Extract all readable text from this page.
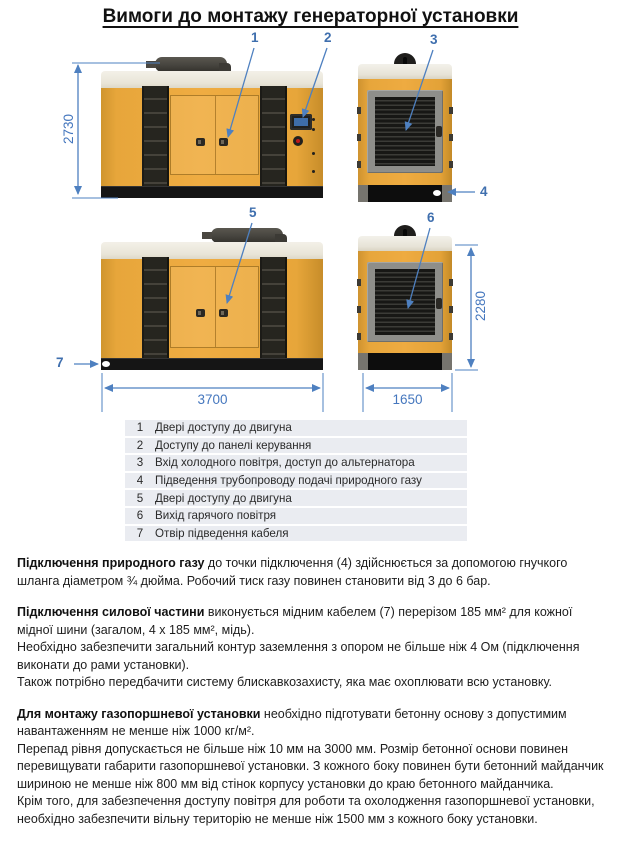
Вимоги до монтажу генераторної установки
1	2	3
4
5	6
7
2730
3700	1650
2280
1	Двері доступу до двигуна
2	Доступу до панелі керування
3	Вхід холодного повітря, доступ до альтернатора
4	Підведення трубопроводу подачі природного газу
5	Двері доступу до двигуна
6	Вихід гарячого повітря
7	Отвір підведення кабеля
Підключення природного газу до точки підключення (4) здійснюється за допомогою гнучкого шланга діаметром ¾ дюйма. Робочий тиск газу повинен становити від 3 до 6 бар.
Підключення силової частини виконується мідним кабелем (7) перерізом 185 мм² для кожної мідної шини (загалом, 4 х 185 мм², мідь).
Необхідно забезпечити загальний контур заземлення з опором не більше ніж 4 Ом (підключення виконати до рами установки).
Також потрібно передбачити систему блискавкозахисту, яка має охоплювати всю установку.
Для монтажу газопоршневої установки необхідно підготувати бетонну основу з допустимим навантаженням не менше ніж 1000 кг/м².
Перепад рівня допускається не більше ніж 10 мм на 3000 мм. Розмір бетонної основи повинен перевищувати габарити газопоршневої установки. З кожного боку повинен бути бетонний майданчик шириною не менше ніж 800 мм від стінок корпусу установки до краю бетонного майданчика.
Крім того, для забезпечення доступу повітря для роботи та охолодження газопоршневої установки, необхідно забезпечити вільну територію не менше ніж 1500 мм з кожного боку установки.
